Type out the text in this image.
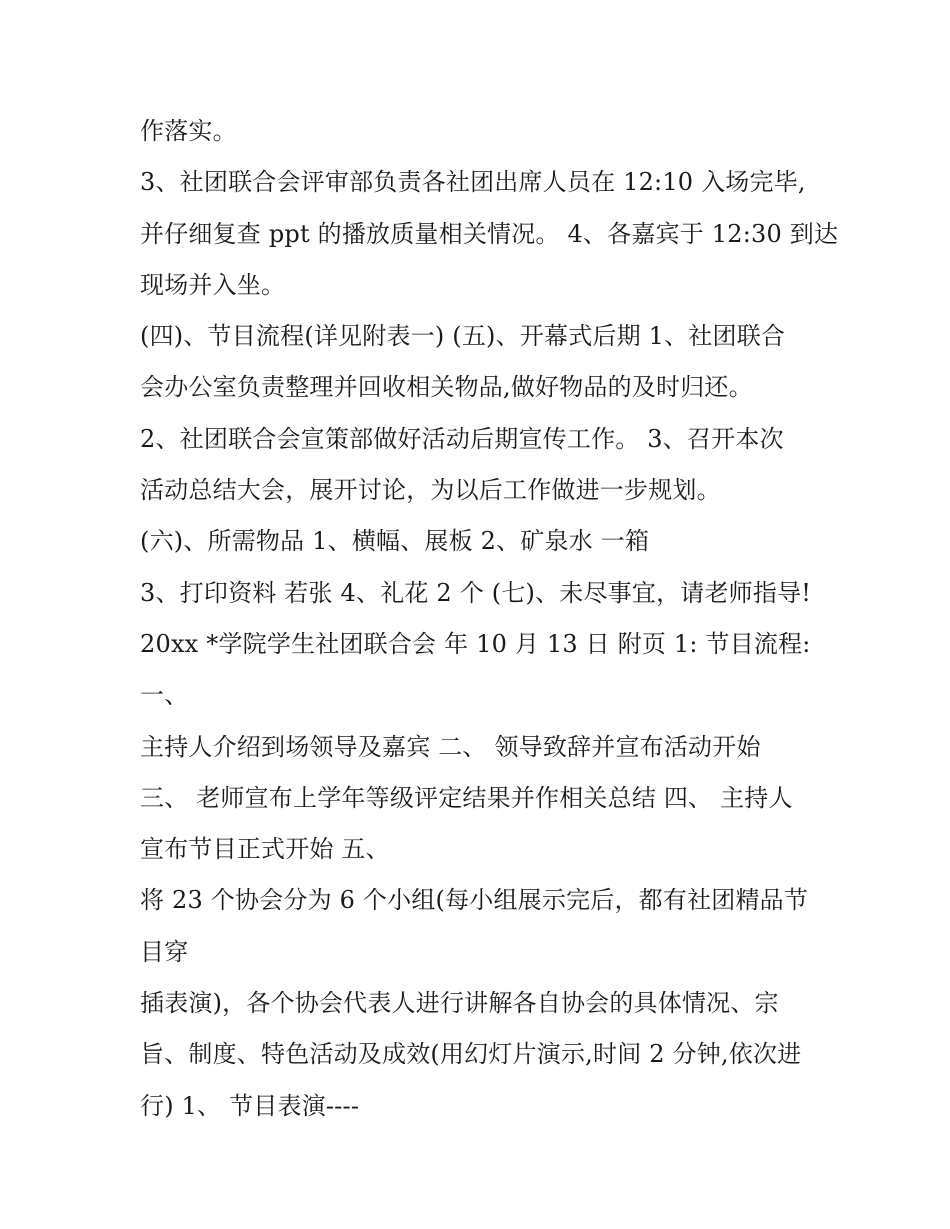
作落实。
3、社团联合会评审部负责各社团出席人员在 12:10 入场完毕,
并仔细复查 ppt 的播放质量相关情况。 4、各嘉宾于 12:30 到达
现场并入坐。
(四)、节目流程(详见附表一) (五)、开幕式后期 1、社团联合
会办公室负责整理并回收相关物品,做好物品的及时归还。
2、社团联合会宣策部做好活动后期宣传工作。 3、召开本次
活动总结大会，展开讨论，为以后工作做进一步规划。
(六)、所需物品 1、横幅、展板 2、矿泉水 一箱
3、打印资料 若张 4、礼花 2 个 (七)、未尽事宜，请老师指导!
20xx *学院学生社团联合会 年 10 月 13 日 附页 1: 节目流程:
一、
主持人介绍到场领导及嘉宾 二、 领导致辞并宣布活动开始
三、 老师宣布上学年等级评定结果并作相关总结 四、 主持人
宣布节目正式开始 五、
将 23 个协会分为 6 个小组(每小组展示完后，都有社团精品节
目穿
插表演)，各个协会代表人进行讲解各自协会的具体情况、宗
旨、制度、特色活动及成效(用幻灯片演示,时间 2 分钟,依次进
行) 1、 节目表演----
